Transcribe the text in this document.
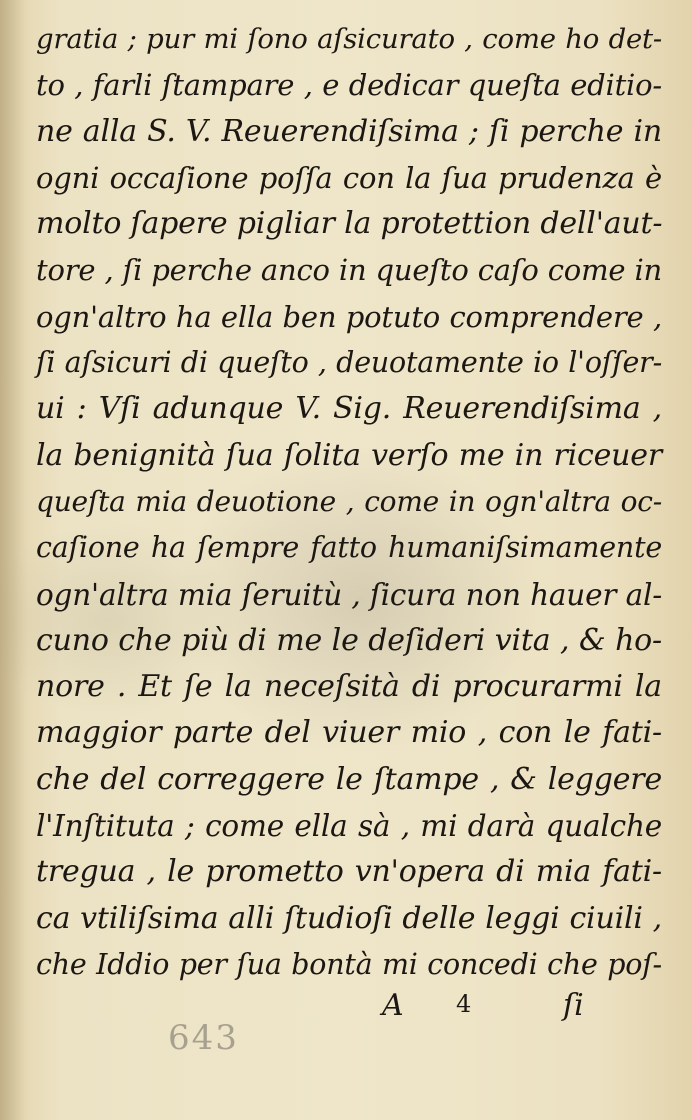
gratia ; pur mi ſono aſsicurato , come ho det-
to , farli ſtampare , e dedicar queſta editio-
ne alla S. V. Reuerendiſsima ; ſi perche in
ogni occaſione poſſa con la ſua prudenza è
molto ſapere pigliar la protettion dell'aut-
tore , ſi perche anco in queſto caſo come in
ogn'altro ha ella ben potuto comprendere ,
ſi aſsicuri di queſto , deuotamente io l'oſſer-
ui : Vſi adunque V. Sig. Reuerendiſsima ,
la benignità ſua ſolita verſo me in riceuer
queſta mia deuotione , come in ogn'altra oc-
caſione ha ſempre fatto humaniſsimamente
ogn'altra mia ſeruitù , ſicura non hauer al-
cuno che più di me le deſideri vita , & ho-
nore . Et ſe la neceſsità di procurarmi la
maggior parte del viuer mio , con le fati-
che del correggere le ſtampe , & leggere
l'Inſtituta ; come ella sà , mi darà qualche
tregua , le prometto vn'opera di mia fati-
ca vtiliſsima alli ſtudioſi delle leggi ciuili ,
che Iddio per ſua bontà mi concedi che poſ-
A 4	ſi
643
